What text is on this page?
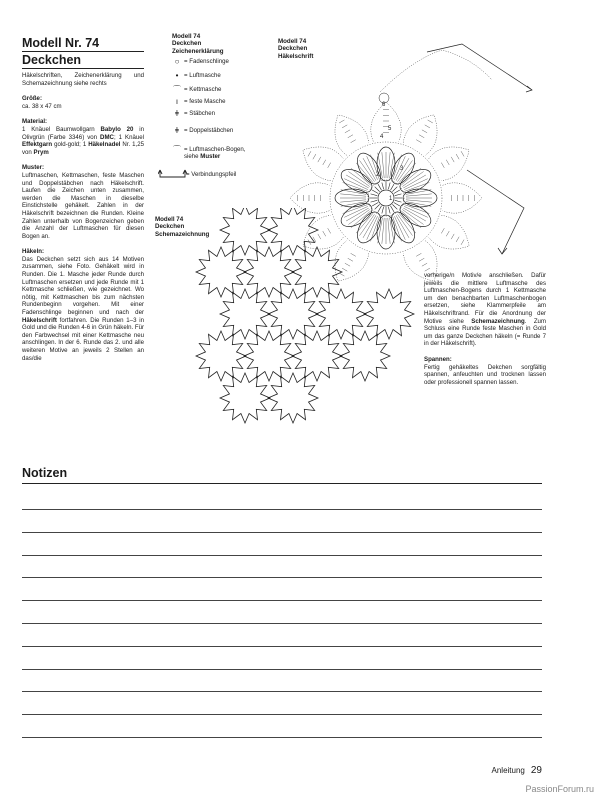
Modell Nr. 74
Deckchen
Häkelschriften, Zeichenerklärung und Schemazeichnung siehe rechts
Größe:
ca. 38 x 47 cm
Material:
1 Knäuel Baumwollgarn Babylo 20 in Olivgrün (Farbe 3346) von DMC; 1 Knäuel Effektgarn gold-gold; 1 Häkelnadel Nr. 1,25 von Prym
Muster:
Luftmaschen, Kettmaschen, feste Maschen und Doppelstäbchen nach Häkelschrift. Laufen die Zeichen unten zusammen, werden die Maschen in dieselbe Einstichstelle gehäkelt. Zahlen in der Häkelschrift bezeichnen die Runden. Kleine Zahlen unterhalb von Bogenzeichen geben die Anzahl der Luftmaschen für diesen Bogen an.
Häkeln:
Das Deckchen setzt sich aus 14 Motiven zusammen, siehe Foto. Gehäkelt wird in Runden. Die 1. Masche jeder Runde durch Luftmaschen ersetzen und jede Runde mit 1 Kettmasche schließen, wie gezeichnet. Wo nötig, mit Kettmaschen bis zum nächsten Rundenbeginn vorgehen. Mit einer Fadenschlinge beginnen und nach der Häkelschrift fortfahren. Die Runden 1–3 in Gold und die Runden 4-6 in Grün häkeln. Für den Farbwechsel mit einer Kettmasche neu anschlingen. In der 6. Runde das 2. und alle weiteren Motive an jeweils 2 Stellen an das/die
Modell 74
Deckchen
Zeichenerklärung
○ = Fadenschlinge
• = Luftmasche
⌒ = Kettmasche
ı = feste Masche
ǂ = Stäbchen
ǂ = Doppelstäbchen
⌒ = Luftmaschen-Bogen,
siehe Muster
= Verbindungspfeil
Modell 74
Deckchen
Häkelschrift
1
2
3
4
5
6
Modell 74
Deckchen
Schemazeichnung
vorherige/n Motiv/e anschließen. Dafür jeweils die mittlere Luftmasche des Luftmaschen-Bogens durch 1 Kettmasche um den benachbarten Luftmaschenbogen ersetzen, siehe Klammerpfeile am Häkelschriftrand. Für die Anordnung der Motive siehe Schemazeichnung. Zum Schluss eine Runde feste Maschen in Gold um das ganze Deckchen häkeln (= Runde 7 in der Häkelschrift).
Spannen:
Fertig gehäkeltes Dekchen sorgfältig spannen, anfeuchten und trocknen lassen oder professionell spannen lassen.
Notizen
Anleitung 29
PassionForum.ru
